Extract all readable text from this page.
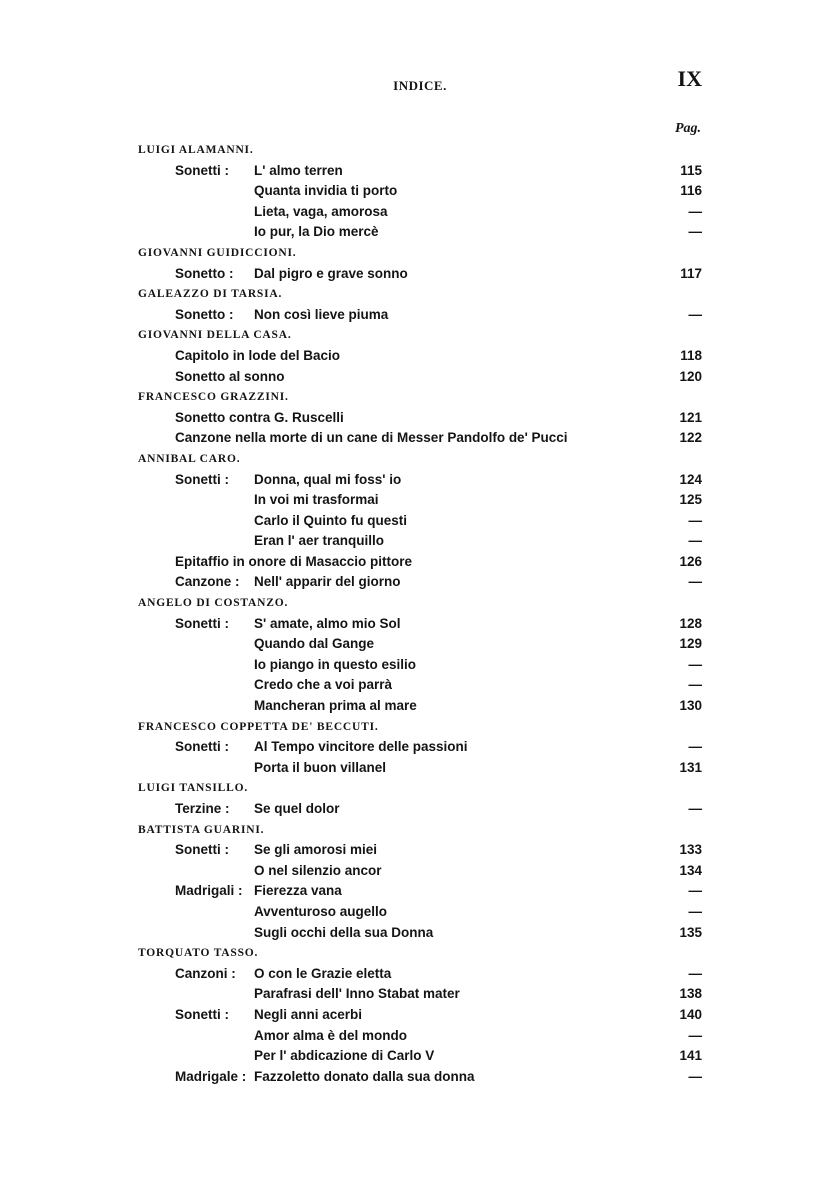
INDICE.	IX
Pag.
LUIGI ALAMANNI.
Sonetti : L' almo terren	115
Quanta invidia ti porto	116
Lieta, vaga, amorosa	—
Io pur, la Dio mercè	—
GIOVANNI GUIDICCIONI.
Sonetto : Dal pigro e grave sonno	117
GALEAZZO DI TARSIA.
Sonetto : Non così lieve piuma	—
GIOVANNI DELLA CASA.
Capitolo in lode del Bacio	118
Sonetto al sonno	120
FRANCESCO GRAZZINI.
Sonetto contra G. Ruscelli	121
Canzone nella morte di un cane di Messer Pandolfo de' Pucci	122
ANNIBAL CARO.
Sonetti : Donna, qual mi foss' io	124
In voi mi trasformai	125
Carlo il Quinto fu questi	—
Eran l' aer tranquillo	—
Epitaffio in onore di Masaccio pittore	126
Canzone : Nell' apparir del giorno	—
ANGELO DI COSTANZO.
Sonetti : S' amate, almo mio Sol	128
Quando dal Gange	129
Io piango in questo esilio	—
Credo che a voi parrà	—
Mancheran prima al mare	130
FRANCESCO COPPETTA DE' BECCUTI.
Sonetti : Al Tempo vincitore delle passioni	—
Porta il buon villanel	131
LUIGI TANSILLO.
Terzine : Se quel dolor	—
BATTISTA GUARINI.
Sonetti : Se gli amorosi miei	133
O nel silenzio ancor	134
Madrigali : Fierezza vana	—
Avventuroso augello	—
Sugli occhi della sua Donna	135
TORQUATO TASSO.
Canzoni : O con le Grazie eletta	—
Parafrasi dell' Inno Stabat mater	138
Sonetti : Negli anni acerbi	140
Amor alma è del mondo	—
Per l' abdicazione di Carlo V	141
Madrigale : Fazzoletto donato dalla sua donna	—
